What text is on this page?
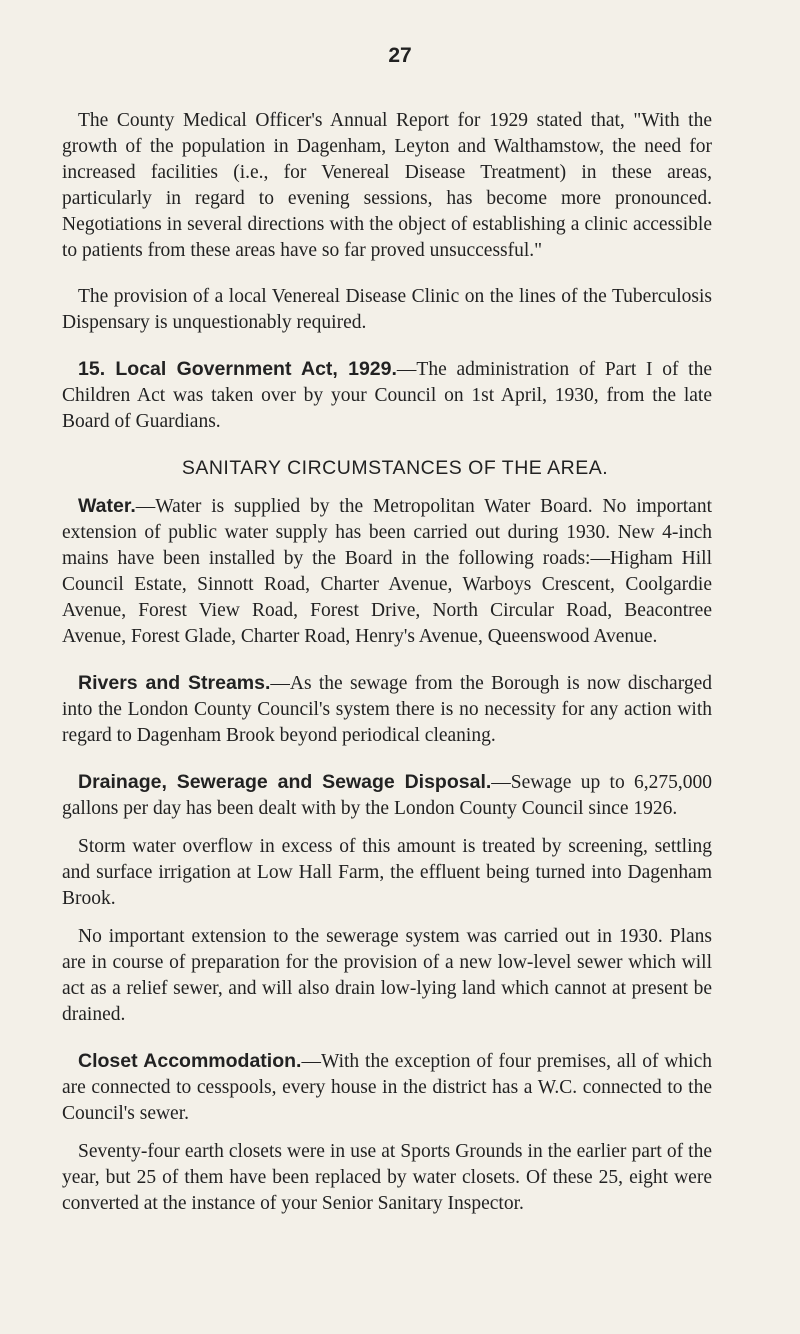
27

The County Medical Officer's Annual Report for 1929 stated that, "With the growth of the population in Dagenham, Leyton and Walthamstow, the need for increased facilities (i.e., for Venereal Disease Treatment) in these areas, particularly in regard to evening sessions, has become more pronounced. Negotiations in several directions with the object of establishing a clinic accessible to patients from these areas have so far proved unsuccessful."

The provision of a local Venereal Disease Clinic on the lines of the Tuberculosis Dispensary is unquestionably required.

15. Local Government Act, 1929.—The administration of Part I of the Children Act was taken over by your Council on 1st April, 1930, from the late Board of Guardians.

SANITARY CIRCUMSTANCES OF THE AREA.

Water.—Water is supplied by the Metropolitan Water Board. No important extension of public water supply has been carried out during 1930. New 4-inch mains have been installed by the Board in the following roads:—Higham Hill Council Estate, Sinnott Road, Charter Avenue, Warboys Crescent, Coolgardie Avenue, Forest View Road, Forest Drive, North Circular Road, Beacontree Avenue, Forest Glade, Charter Road, Henry's Avenue, Queenswood Avenue.

Rivers and Streams.—As the sewage from the Borough is now discharged into the London County Council's system there is no necessity for any action with regard to Dagenham Brook beyond periodical cleaning.

Drainage, Sewerage and Sewage Disposal.—Sewage up to 6,275,000 gallons per day has been dealt with by the London County Council since 1926.

Storm water overflow in excess of this amount is treated by screening, settling and surface irrigation at Low Hall Farm, the effluent being turned into Dagenham Brook.

No important extension to the sewerage system was carried out in 1930. Plans are in course of preparation for the provision of a new low-level sewer which will act as a relief sewer, and will also drain low-lying land which cannot at present be drained.

Closet Accommodation.—With the exception of four premises, all of which are connected to cesspools, every house in the district has a W.C. connected to the Council's sewer.

Seventy-four earth closets were in use at Sports Grounds in the earlier part of the year, but 25 of them have been replaced by water closets. Of these 25, eight were converted at the instance of your Senior Sanitary Inspector.
